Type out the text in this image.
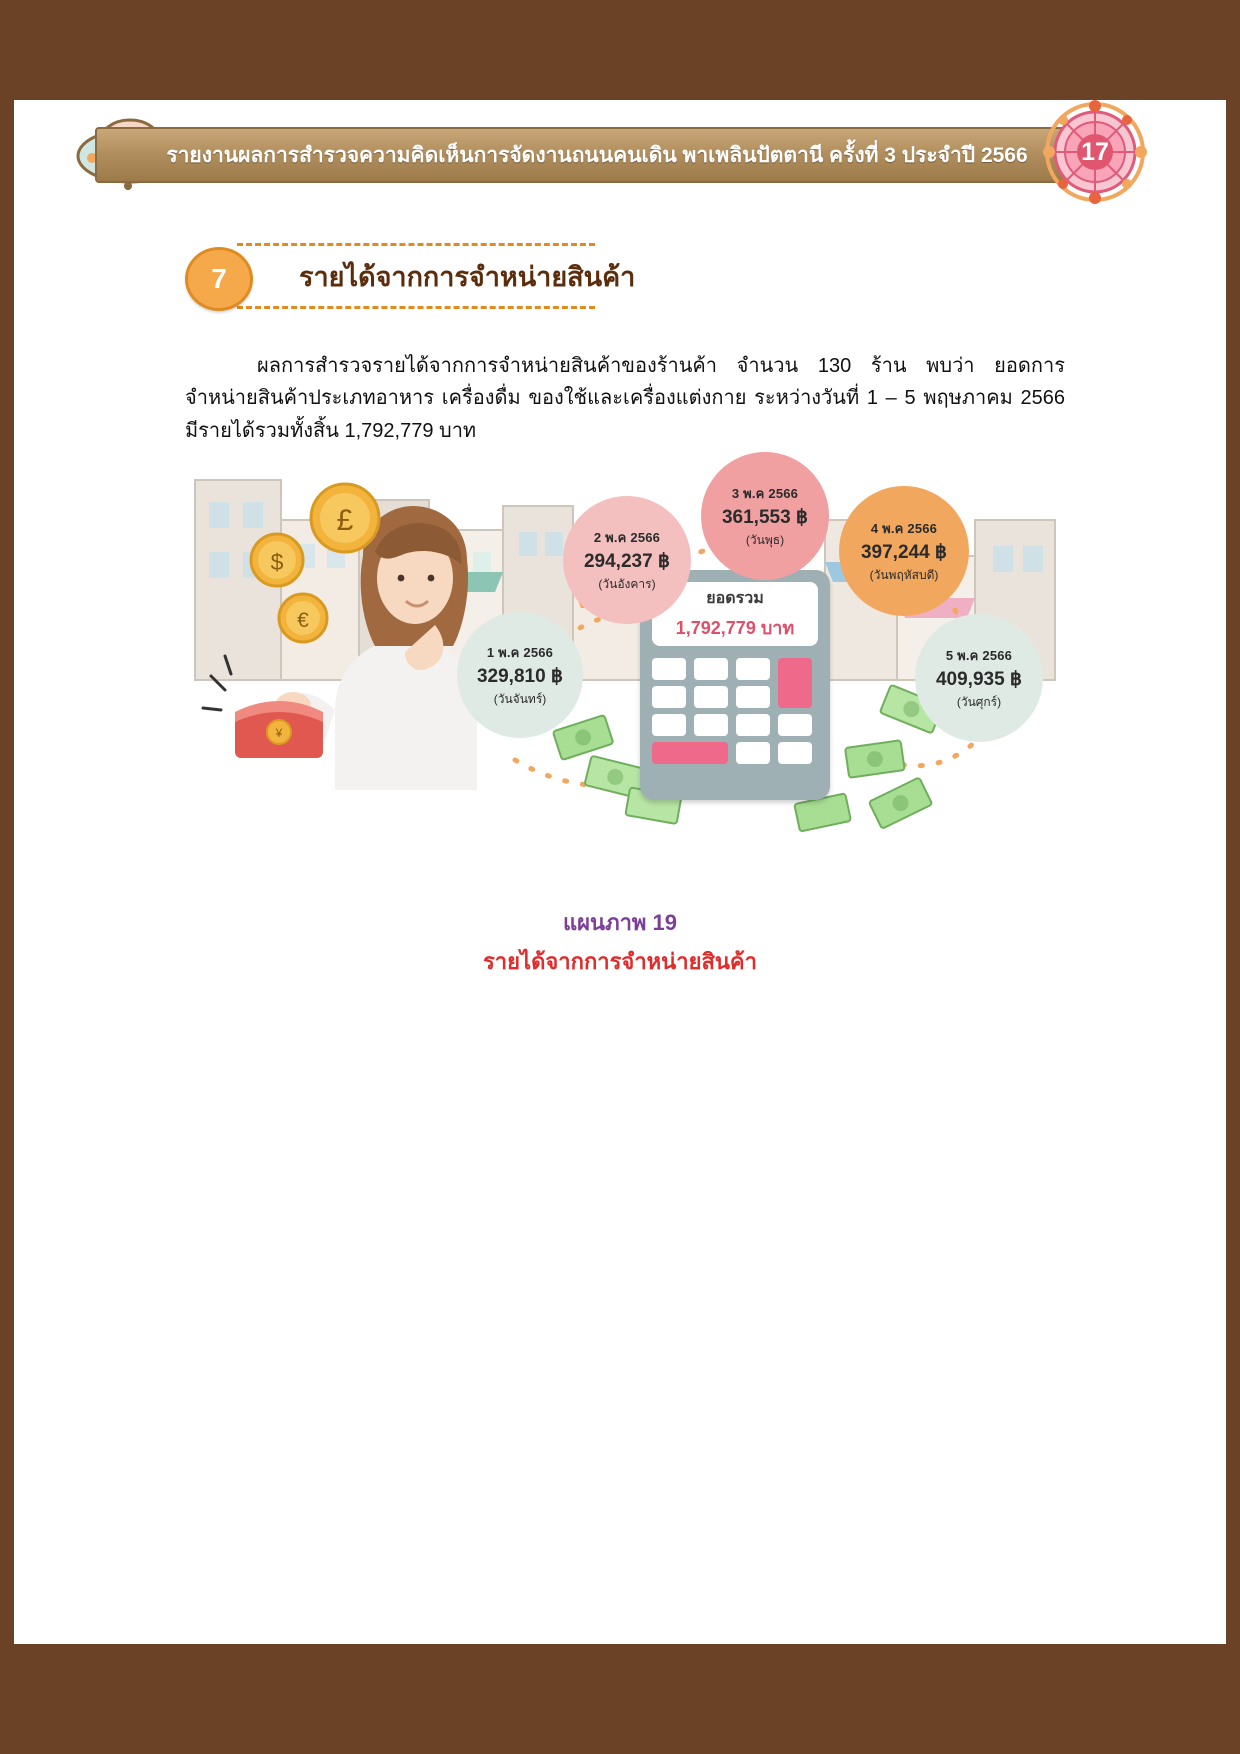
รายงานผลการสำรวจความคิดเห็นการจัดงานถนนคนเดิน พาเพลินปัตตานี ครั้งที่ 3 ประจำปี 2566	17
รายได้จากการจำหน่ายสินค้า
7
ผลการสำรวจรายได้จากการจำหน่ายสินค้าของร้านค้า จำนวน 130 ร้าน พบว่า ยอดการจำหน่ายสินค้าประเภทอาหาร เครื่องดื่ม ของใช้และเครื่องแต่งกาย ระหว่างวันที่ 1 – 5 พฤษภาคม 2566 มีรายได้รวมทั้งสิ้น 1,792,779 บาท
¥
£
$
€
ยอดรวม
1,792,779 บาท
1 พ.ค 2566
329,810 ฿
(วันจันทร์)
2 พ.ค 2566
294,237 ฿
(วันอังคาร)
3 พ.ค 2566
361,553 ฿
(วันพุธ)
4 พ.ค 2566
397,244 ฿
(วันพฤหัสบดี)
5 พ.ค 2566
409,935 ฿
(วันศุกร์)
แผนภาพ 19
รายได้จากการจำหน่ายสินค้า
